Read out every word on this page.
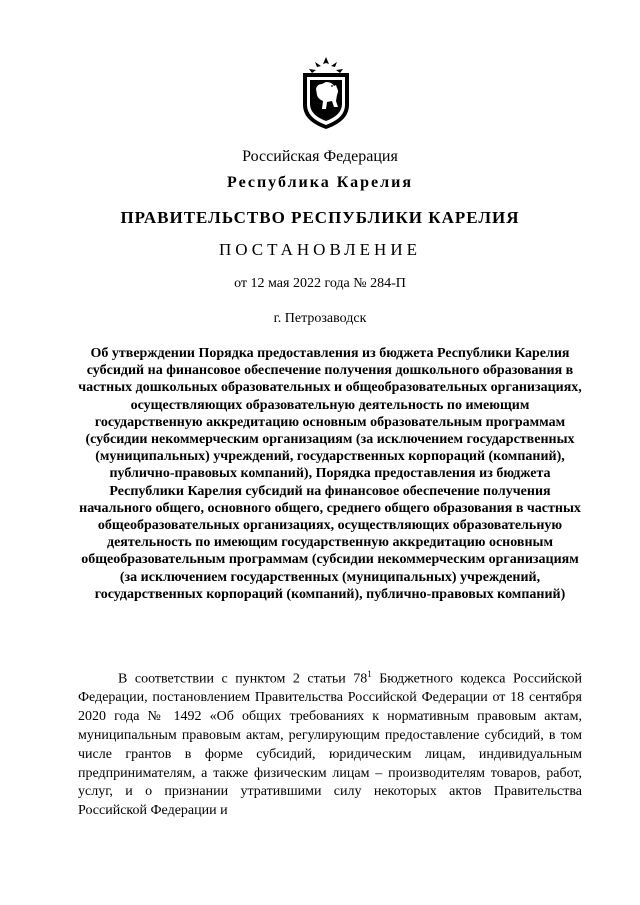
Российская Федерация
Республика Карелия
ПРАВИТЕЛЬСТВО РЕСПУБЛИКИ КАРЕЛИЯ
ПОСТАНОВЛЕНИЕ
от 12 мая 2022 года № 284-П
г. Петрозаводск
Об утверждении Порядка предоставления из бюджета Республики Карелия субсидий на финансовое обеспечение получения дошкольного образования в частных дошкольных образовательных и общеобразовательных организациях, осуществляющих образовательную деятельность по имеющим государственную аккредитацию основным образовательным программам (субсидии некоммерческим организациям (за исключением государственных (муниципальных) учреждений, государственных корпораций (компаний), публично-правовых компаний), Порядка предоставления из бюджета Республики Карелия субсидий на финансовое обеспечение получения начального общего, основного общего, среднего общего образования в частных общеобразовательных организациях, осуществляющих образовательную деятельность по имеющим государственную аккредитацию основным общеобразовательным программам (субсидии некоммерческим организациям (за исключением государственных (муниципальных) учреждений, государственных корпораций (компаний), публично-правовых компаний)
В соответствии с пунктом 2 статьи $78^1$ Бюджетного кодекса Российской Федерации, постановлением Правительства Российской Федерации от 18 сентября 2020 года № 1492 «Об общих требованиях к нормативным правовым актам, муниципальным правовым актам, регулирующим предоставление субсидий, в том числе грантов в форме субсидий, юридическим лицам, индивидуальным предпринимателям, а также физическим лицам – производителям товаров, работ, услуг, и о признании утратившими силу некоторых актов Правительства Российской Федерации и
